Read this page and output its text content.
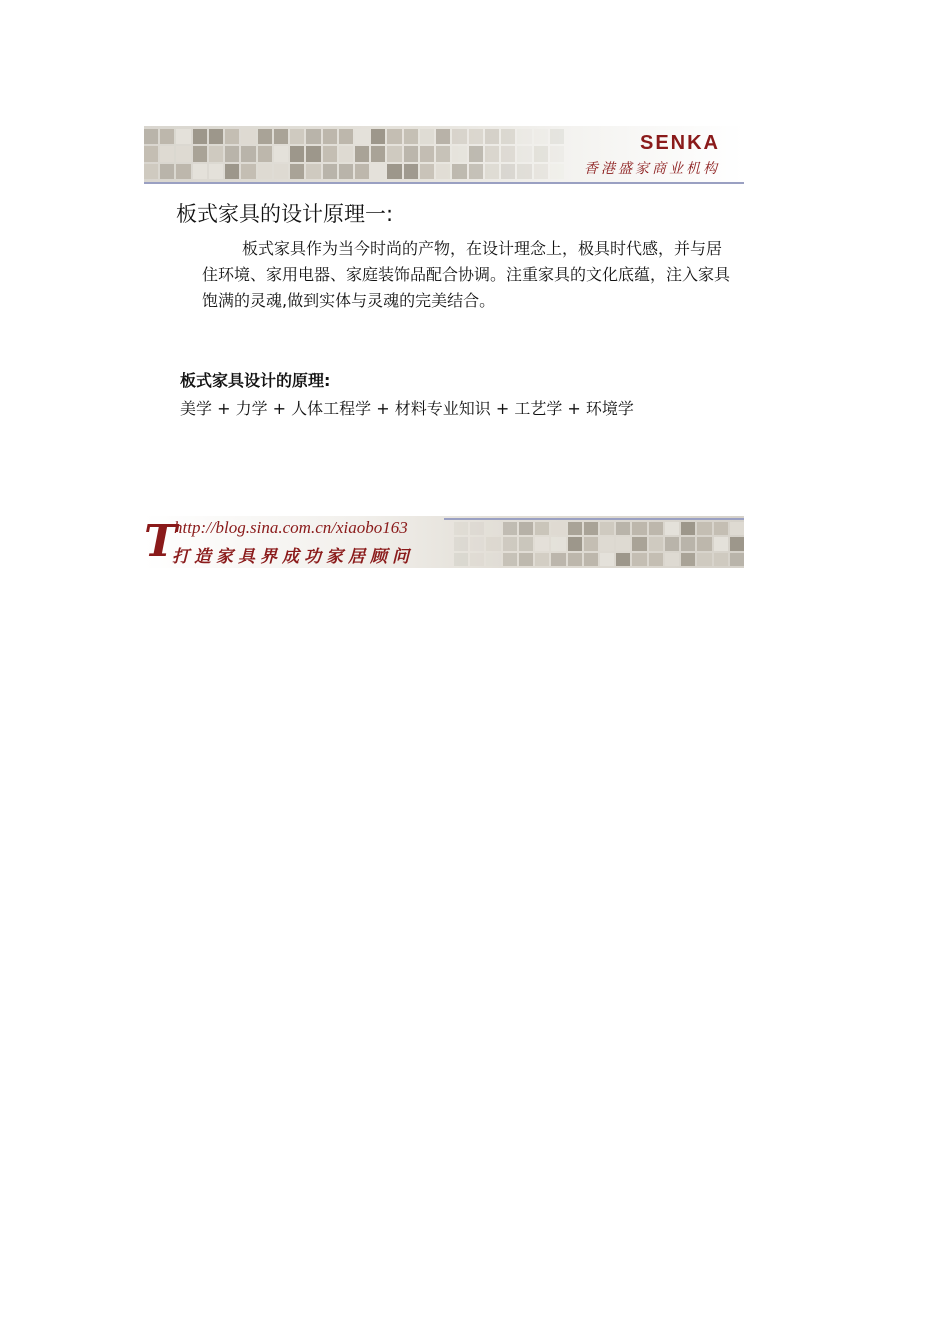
SENKA
香港盛家商业机构
板式家具的设计原理一:
板式家具作为当今时尚的产物，在设计理念上，极具时代感，并与居住环境、家用电器、家庭装饰品配合协调。注重家具的文化底蕴，注入家具饱满的灵魂,做到实体与灵魂的完美结合。
板式家具设计的原理:
美学 + 力学 + 人体工程学 + 材料专业知识 + 工艺学 + 环境学
T
http://blog.sina.com.cn/xiaobo163
打造家具界成功家居顾问
